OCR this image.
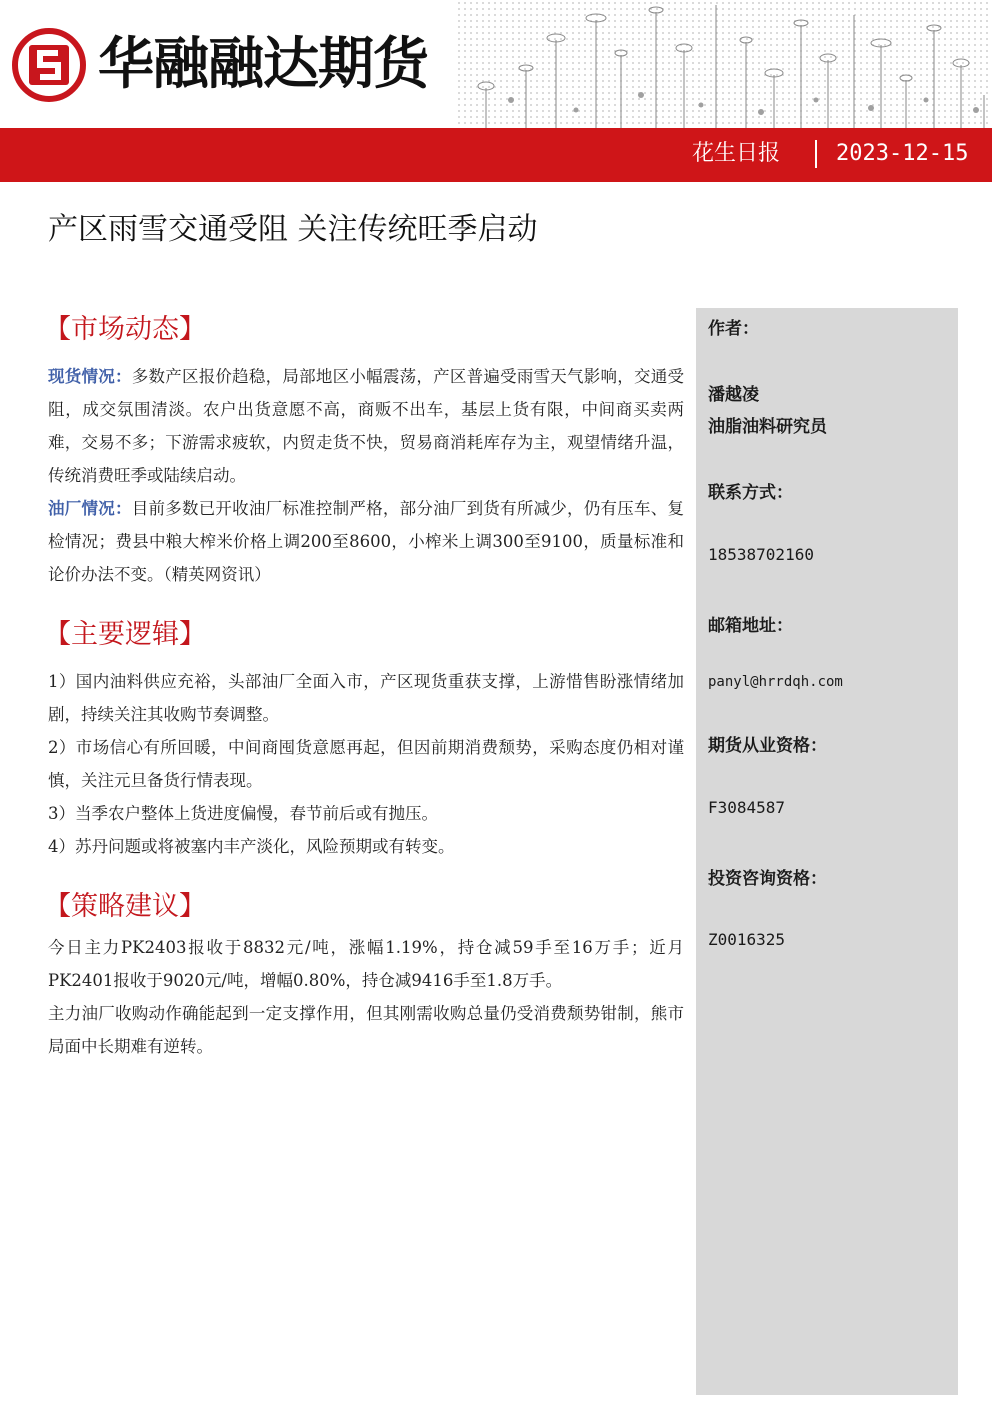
华融融达期货
花生日报	2023-12-15
产区雨雪交通受阻 关注传统旺季启动
【市场动态】

现货情况：多数产区报价趋稳，局部地区小幅震荡，产区普遍受雨雪天气影响，交通受阻，成交氛围清淡。农户出货意愿不高，商贩不出车，基层上货有限，中间商买卖两难，交易不多；下游需求疲软，内贸走货不快，贸易商消耗库存为主，观望情绪升温，传统消费旺季或陆续启动。

油厂情况：目前多数已开收油厂标准控制严格，部分油厂到货有所减少，仍有压车、复检情况；费县中粮大榨米价格上调200至8600，小榨米上调300至9100，质量标准和论价办法不变。（精英网资讯）

【主要逻辑】

1）国内油料供应充裕，头部油厂全面入市，产区现货重获支撑，上游惜售盼涨情绪加剧，持续关注其收购节奏调整。

2）市场信心有所回暖，中间商囤货意愿再起，但因前期消费颓势，采购态度仍相对谨慎，关注元旦备货行情表现。

3）当季农户整体上货进度偏慢，春节前后或有抛压。

4）苏丹问题或将被塞内丰产淡化，风险预期或有转变。

【策略建议】

今日主力PK2403报收于8832元/吨，涨幅1.19%，持仓减59手至16万手；近月PK2401报收于9020元/吨，增幅0.80%，持仓减9416手至1.8万手。

主力油厂收购动作确能起到一定支撑作用，但其刚需收购总量仍受消费颓势钳制，熊市局面中长期难有逆转。

作者：
潘越凌
油脂油料研究员
联系方式：
18538702160
邮箱地址：
panyl@hrrdqh.com
期货从业资格：
F3084587
投资咨询资格：
Z0016325
